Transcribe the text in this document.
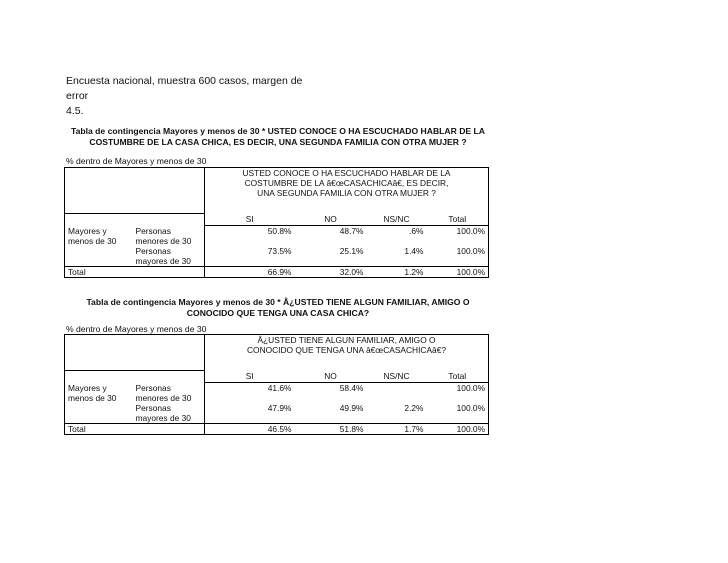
Encuesta nacional, muestra 600 casos, margen de error
4.5.

Tabla de contingencia Mayores y menos de 30 * USTED CONOCE O HA ESCUCHADO HABLAR DE LA
COSTUMBRE DE LA CASA CHICA, ES DECIR, UNA SEGUNDA FAMILIA CON OTRA MUJER ?

% dentro de Mayores y menos de 30

		USTED CONOCE O HA ESCUCHADO HABLAR DE LA
COSTUMBRE DE LA â€œCASACHICAâ€, ES DECIR,
UNA SEGUNDA FAMILIA CON OTRA MUJER ?			
		SI	NO	NS/NC	Total
Mayores y
menos de 30	Personas
menores de 30	50.8%	48.7%	.6%	100.0%
	Personas
mayores de 30	73.5%	25.1%	1.4%	100.0%
Total		66.9%	32.0%	1.2%	100.0%

Tabla de contingencia Mayores y menos de 30 * Â¿USTED TIENE ALGUN FAMILIAR, AMIGO O
CONOCIDO QUE TENGA UNA CASA CHICA?

% dentro de Mayores y menos de 30

		Â¿USTED TIENE ALGUN FAMILIAR, AMIGO O
CONOCIDO QUE TENGA UNA â€œCASACHICAâ€?			
		SI	NO	NS/NC	Total
Mayores y
menos de 30	Personas
menores de 30	41.6%	58.4%		100.0%
	Personas
mayores de 30	47.9%	49.9%	2.2%	100.0%
Total		46.5%	51.8%	1.7%	100.0%
